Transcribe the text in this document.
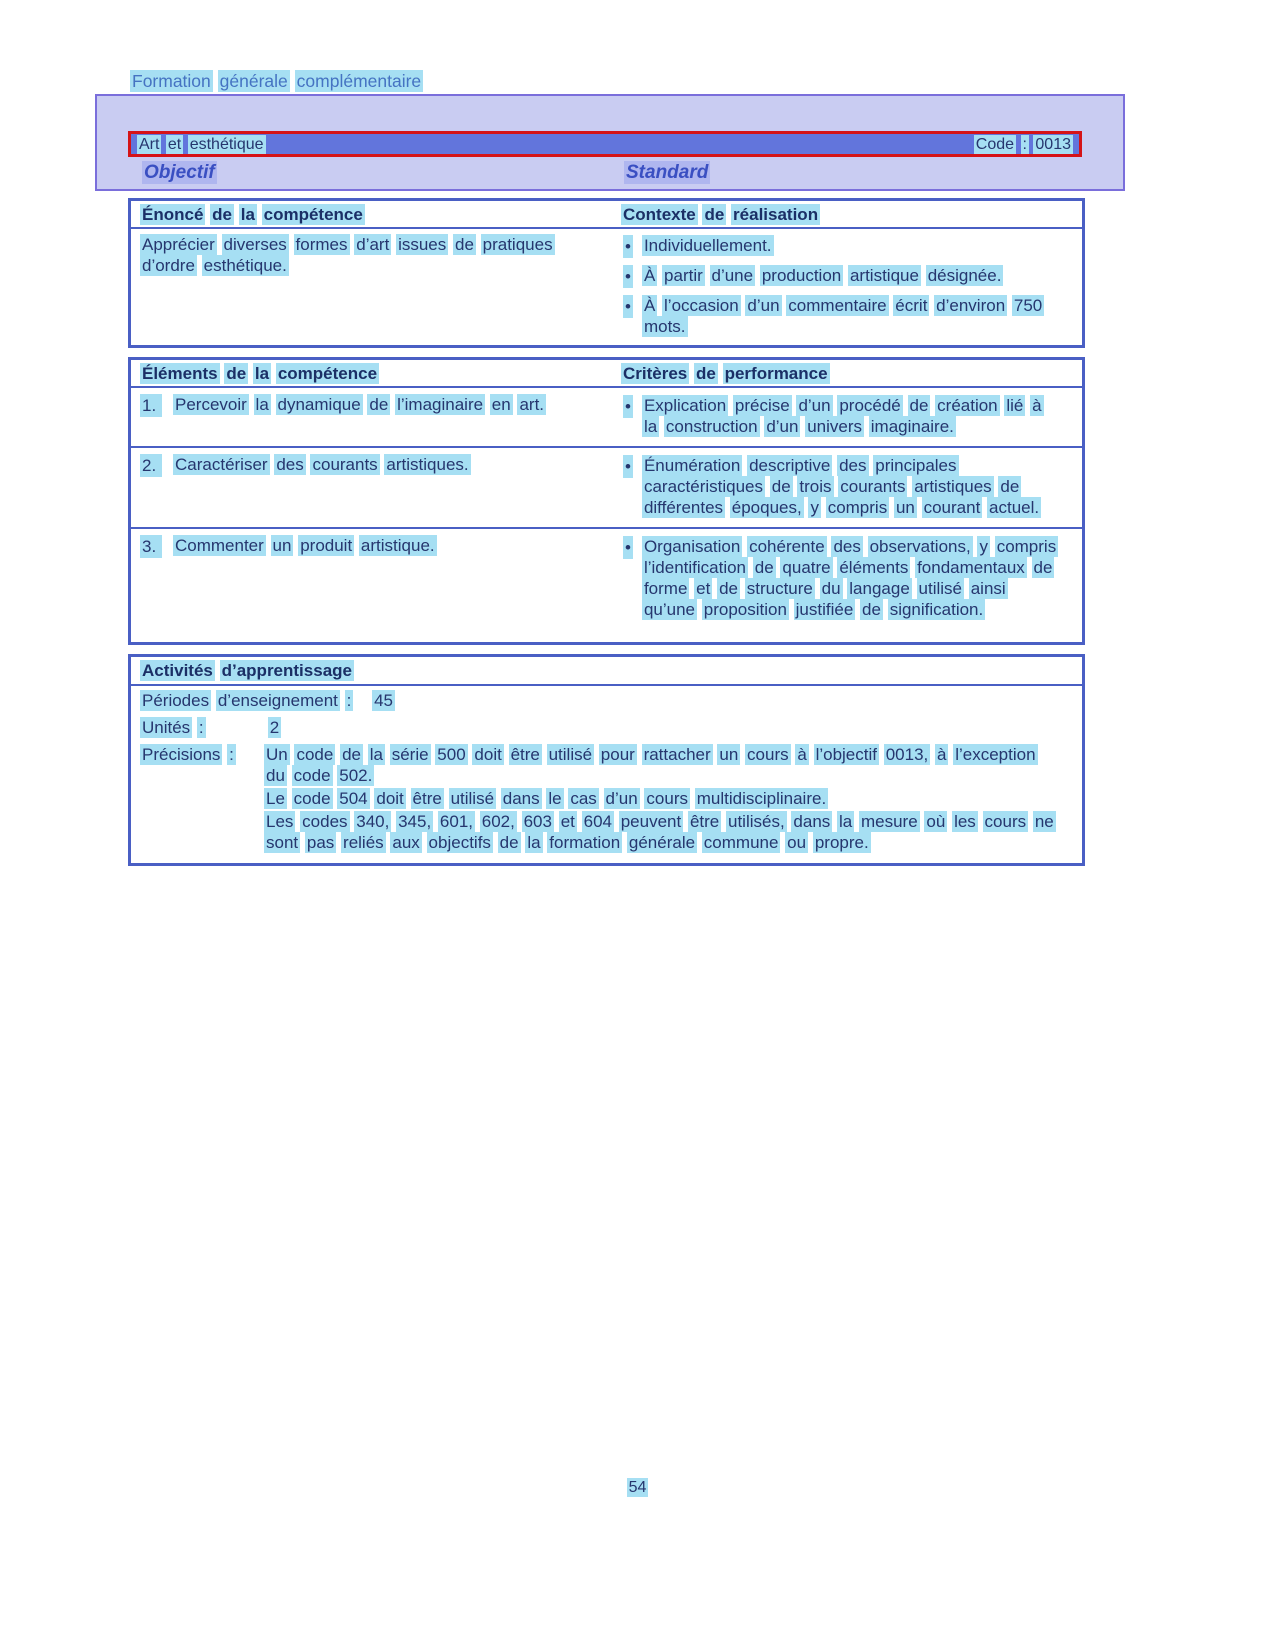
Formation générale complémentaire
Art et esthétique	Code : 0013
Objectif	Standard
Énoncé de la compétence	Contexte de réalisation
Apprécier diverses formes d’art issues de pratiques d’ordre esthétique.
• Individuellement.
• À partir d’une production artistique désignée.
• À l’occasion d’un commentaire écrit d’environ 750 mots.
Éléments de la compétence	Critères de performance
1.	Percevoir la dynamique de l’imaginaire en art.	• Explication précise d’un procédé de création lié à la construction d’un univers imaginaire.
2.	Caractériser des courants artistiques.	• Énumération descriptive des principales caractéristiques de trois courants artistiques de différentes époques, y compris un courant actuel.
3.	Commenter un produit artistique.	• Organisation cohérente des observations, y compris l’identification de quatre éléments fondamentaux de forme et de structure du langage utilisé ainsi qu’une proposition justifiée de signification.
Activités d’apprentissage
Périodes d’enseignement : 45
Unités :	2
Précisions :	Un code de la série 500 doit être utilisé pour rattacher un cours à l’objectif 0013, à l’exception du code 502.

Le code 504 doit être utilisé dans le cas d’un cours multidisciplinaire.

Les codes 340, 345, 601, 602, 603 et 604 peuvent être utilisés, dans la mesure où les cours ne sont pas reliés aux objectifs de la formation générale commune ou propre.

54
